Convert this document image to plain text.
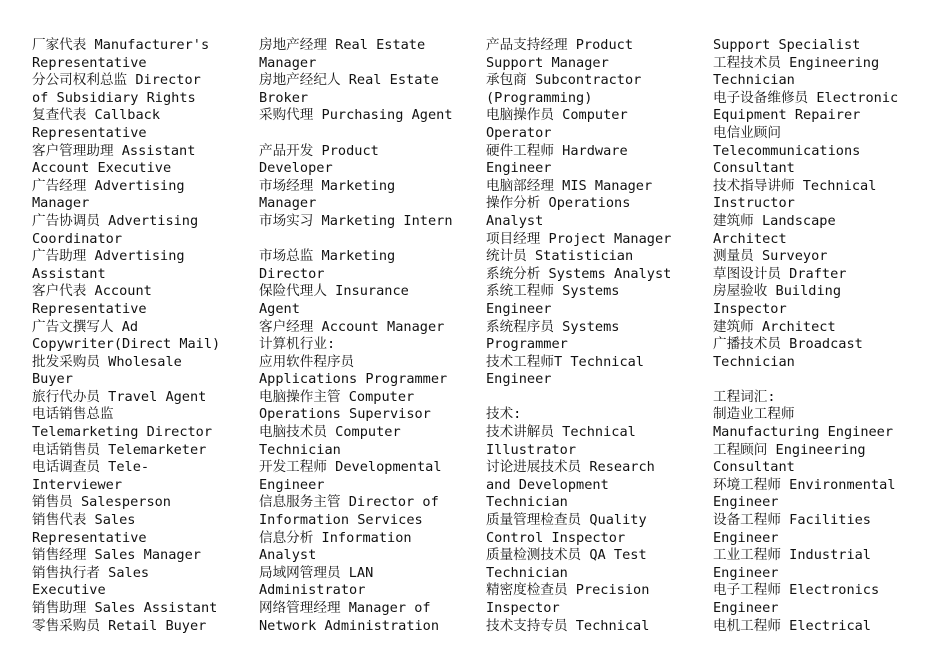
厂家代表 Manufacturer's
Representative
分公司权利总监 Director
of Subsidiary Rights
复查代表 Callback
Representative
客户管理助理 Assistant
Account Executive
广告经理 Advertising
Manager
广告协调员 Advertising
Coordinator
广告助理 Advertising
Assistant
客户代表 Account
Representative
广告文撰写人 Ad
Copywriter(Direct Mail)
批发采购员 Wholesale
Buyer
旅行代办员 Travel Agent
电话销售总监
Telemarketing Director
电话销售员 Telemarketer
电话调查员 Tele-
Interviewer
销售员 Salesperson
销售代表 Sales
Representative
销售经理 Sales Manager
销售执行者 Sales
Executive
销售助理 Sales Assistant
零售采购员 Retail Buyer
房地产经理 Real Estate
Manager
房地产经纪人 Real Estate
Broker
采购代理 Purchasing Agent
产品开发 Product
Developer
市场经理 Marketing
Manager
市场实习 Marketing Intern
市场总监 Marketing
Director
保险代理人 Insurance
Agent
客户经理 Account Manager
计算机行业:
应用软件程序员
Applications Programmer
电脑操作主管 Computer
Operations Supervisor
电脑技术员 Computer
Technician
开发工程师 Developmental
Engineer
信息服务主管 Director of
Information Services
信息分析 Information
Analyst
局域网管理员 LAN
Administrator
网络管理经理 Manager of
Network Administration
产品支持经理 Product
Support Manager
承包商 Subcontractor
(Programming)
电脑操作员 Computer
Operator
硬件工程师 Hardware
Engineer
电脑部经理 MIS Manager
操作分析 Operations
Analyst
项目经理 Project Manager
统计员 Statistician
系统分析 Systems Analyst
系统工程师 Systems
Engineer
系统程序员 Systems
Programmer
技术工程师T Technical
Engineer
技术:
技术讲解员 Technical
Illustrator
讨论进展技术员 Research
and Development
Technician
质量管理检查员 Quality
Control Inspector
质量检测技术员 QA Test
Technician
精密度检查员 Precision
Inspector
技术支持专员 Technical
Support Specialist
工程技术员 Engineering
Technician
电子设备维修员 Electronic
Equipment Repairer
电信业顾问
Telecommunications
Consultant
技术指导讲师 Technical
Instructor
建筑师 Landscape
Architect
测量员 Surveyor
草图设计员 Drafter
房屋验收 Building
Inspector
建筑师 Architect
广播技术员 Broadcast
Technician
工程词汇:
制造业工程师
Manufacturing Engineer
工程顾问 Engineering
Consultant
环境工程师 Environmental
Engineer
设备工程师 Facilities
Engineer
工业工程师 Industrial
Engineer
电子工程师 Electronics
Engineer
电机工程师 Electrical
